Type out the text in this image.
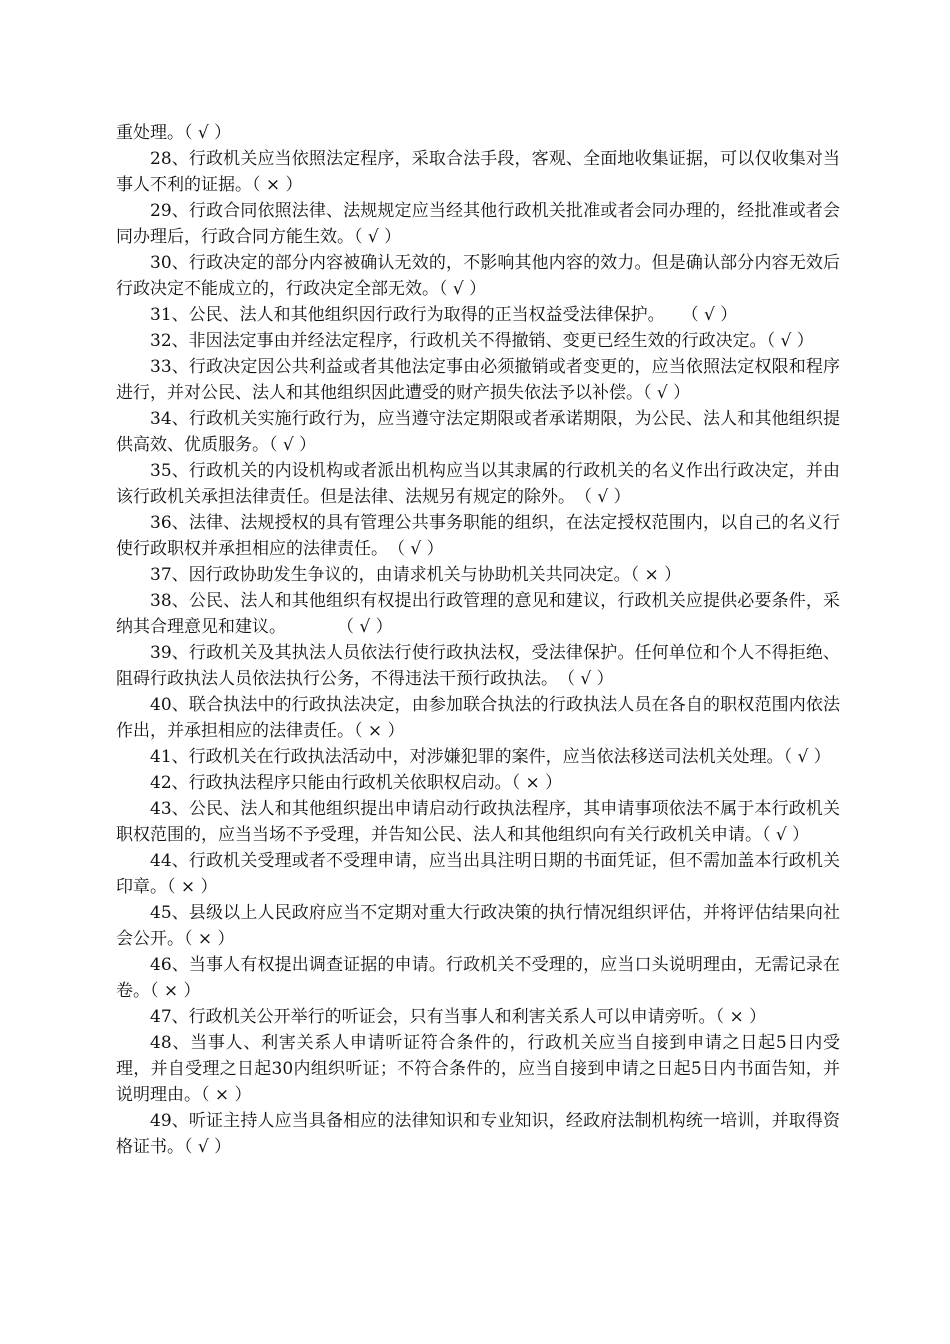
重处理。（ √ ）

28、行政机关应当依照法定程序，采取合法手段，客观、全面地收集证据，可以仅收集对当事人不利的证据。（ × ）

29、行政合同依照法律、法规规定应当经其他行政机关批准或者会同办理的，经批准或者会同办理后，行政合同方能生效。（ √ ）

30、行政决定的部分内容被确认无效的，不影响其他内容的效力。但是确认部分内容无效后行政决定不能成立的，行政决定全部无效。（ √ ）

31、公民、法人和其他组织因行政行为取得的正当权益受法律保护。　　（ √ ）

32、非因法定事由并经法定程序，行政机关不得撤销、变更已经生效的行政决定。（ √ ）

33、行政决定因公共利益或者其他法定事由必须撤销或者变更的，应当依照法定权限和程序进行，并对公民、法人和其他组织因此遭受的财产损失依法予以补偿。（ √ ）

34、行政机关实施行政行为，应当遵守法定期限或者承诺期限，为公民、法人和其他组织提供高效、优质服务。（ √ ）

35、行政机关的内设机构或者派出机构应当以其隶属的行政机关的名义作出行政决定，并由该行政机关承担法律责任。但是法律、法规另有规定的除外。　（ √ ）

36、法律、法规授权的具有管理公共事务职能的组织，在法定授权范围内，以自己的名义行使行政职权并承担相应的法律责任。　（ √ ）

37、因行政协助发生争议的，由请求机关与协助机关共同决定。（ × ）

38、公民、法人和其他组织有权提出行政管理的意见和建议，行政机关应提供必要条件，采纳其合理意见和建议。　　　　（ √ ）

39、行政机关及其执法人员依法行使行政执法权，受法律保护。任何单位和个人不得拒绝、阻碍行政执法人员依法执行公务，不得违法干预行政执法。　（ √ ）

40、联合执法中的行政执法决定，由参加联合执法的行政执法人员在各自的职权范围内依法作出，并承担相应的法律责任。（ × ）

41、行政机关在行政执法活动中，对涉嫌犯罪的案件，应当依法移送司法机关处理。（ √ ）

42、行政执法程序只能由行政机关依职权启动。（ × ）

43、公民、法人和其他组织提出申请启动行政执法程序，其申请事项依法不属于本行政机关职权范围的，应当当场不予受理，并告知公民、法人和其他组织向有关行政机关申请。（ √ ）

44、行政机关受理或者不受理申请，应当出具注明日期的书面凭证，但不需加盖本行政机关印章。（ × ）

45、县级以上人民政府应当不定期对重大行政决策的执行情况组织评估，并将评估结果向社会公开。（ × ）

46、当事人有权提出调查证据的申请。行政机关不受理的，应当口头说明理由，无需记录在卷。（ × ）

47、行政机关公开举行的听证会，只有当事人和利害关系人可以申请旁听。（ × ）

48、当事人、利害关系人申请听证符合条件的，行政机关应当自接到申请之日起5日内受理，并自受理之日起30内组织听证；不符合条件的，应当自接到申请之日起5日内书面告知，并说明理由。（ × ）

49、听证主持人应当具备相应的法律知识和专业知识，经政府法制机构统一培训，并取得资格证书。（ √ ）
